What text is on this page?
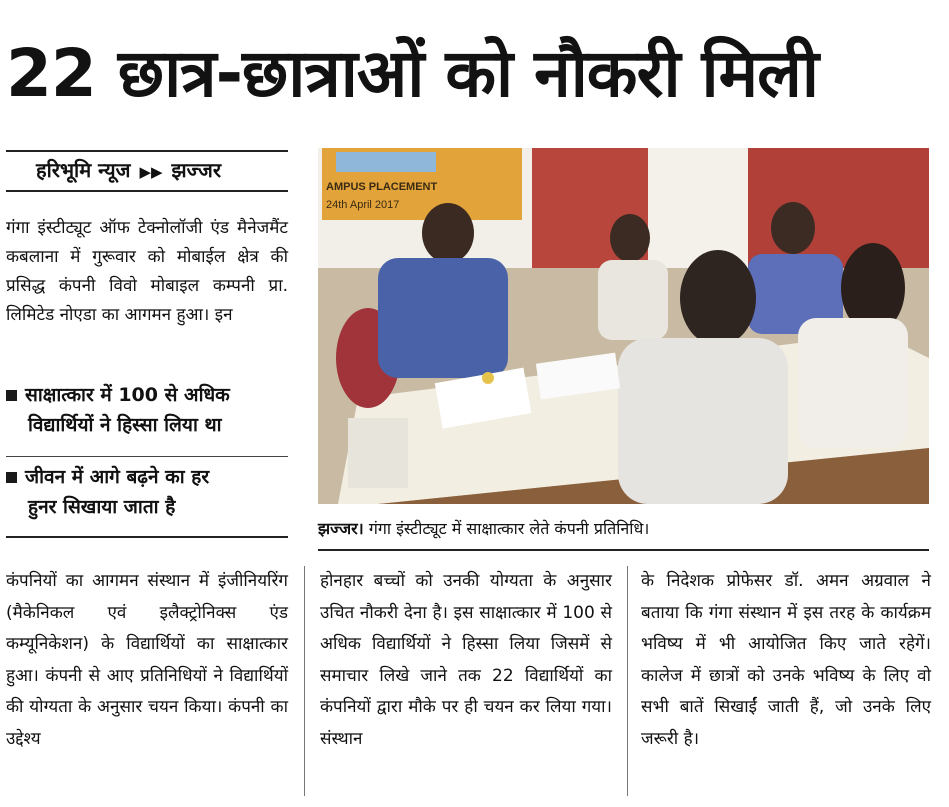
22 छात्र-छात्राओं को नौकरी मिली
हरिभूमि न्यूज ▶▶ झज्जर

गंगा इंस्टीट्यूट ऑफ टेक्नोलॉजी एंड मैनेजमैंट कबलाना में गुरूवार को मोबाईल क्षेत्र की प्रसिद्ध कंपनी विवो मोबाइल कम्पनी प्रा. लिमिटेड नोएडा का आगमन हुआ। इन

साक्षात्कार में 100 से अधिक
विद्यार्थियों ने हिस्सा लिया था
जीवन में आगे बढ़ने का हर
हुनर सिखाया जाता है
AMPUS PLACEMENT
24th April 2017
झज्जर। गंगा इंस्टीट्यूट में साक्षात्कार लेते कंपनी प्रतिनिधि।

कंपनियों का आगमन संस्थान में इंजीनियरिंग (मैकेनिकल एवं इलैक्ट्रोनिक्स एंड कम्यूनिकेशन) के विद्यार्थियों का साक्षात्कार हुआ। कंपनी से आए प्रतिनिधियों ने विद्यार्थियों की योग्यता के अनुसार चयन किया। कंपनी का उद्देश्य

होनहार बच्चों को उनकी योग्यता के अनुसार उचित नौकरी देना है। इस साक्षात्कार में 100 से अधिक विद्यार्थियों ने हिस्सा लिया जिसमें से समाचार लिखे जाने तक 22 विद्यार्थियों का कंपनियों द्वारा मौके पर ही चयन कर लिया गया। संस्थान

के निदेशक प्रोफेसर डॉ. अमन अग्रवाल ने बताया कि गंगा संस्थान में इस तरह के कार्यक्रम भविष्य में भी आयोजित किए जाते रहेगें। कालेज में छात्रों को उनके भविष्य के लिए वो सभी बातें सिखाईं जाती हैं, जो उनके लिए जरूरी है।
